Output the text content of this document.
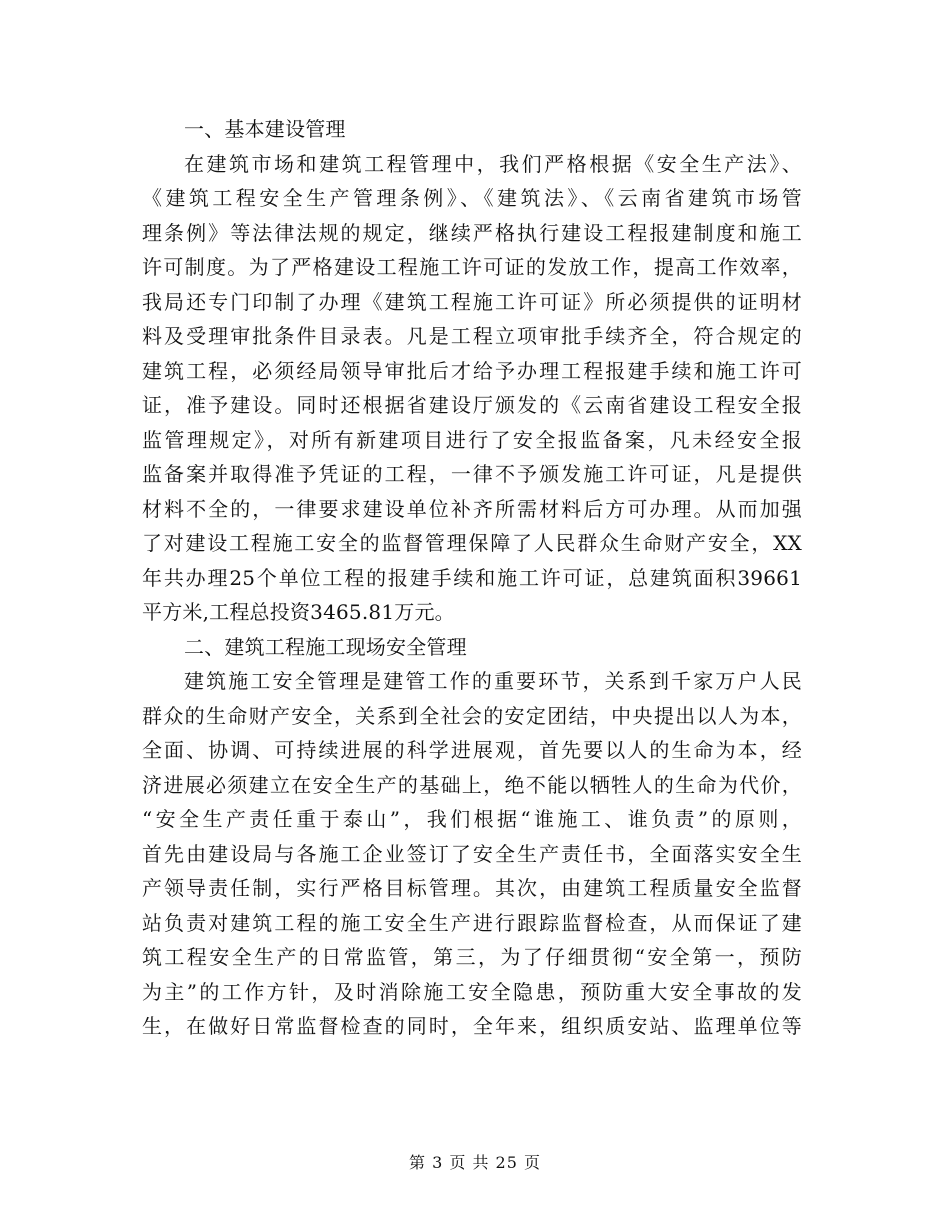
一、基本建设管理
在建筑市场和建筑工程管理中，我们严格根据《安全生产法》、
《建筑工程安全生产管理条例》、《建筑法》、《云南省建筑市场管
理条例》等法律法规的规定，继续严格执行建设工程报建制度和施工
许可制度。为了严格建设工程施工许可证的发放工作，提高工作效率，
我局还专门印制了办理《建筑工程施工许可证》所必须提供的证明材
料及受理审批条件目录表。凡是工程立项审批手续齐全，符合规定的
建筑工程，必须经局领导审批后才给予办理工程报建手续和施工许可
证，准予建设。同时还根据省建设厅颁发的《云南省建设工程安全报
监管理规定》，对所有新建项目进行了安全报监备案，凡未经安全报
监备案并取得准予凭证的工程，一律不予颁发施工许可证，凡是提供
材料不全的，一律要求建设单位补齐所需材料后方可办理。从而加强
了对建设工程施工安全的监督管理保障了人民群众生命财产安全，XX
年共办理25个单位工程的报建手续和施工许可证，总建筑面积39661
平方米,工程总投资3465.81万元。
二、建筑工程施工现场安全管理
建筑施工安全管理是建管工作的重要环节，关系到千家万户人民
群众的生命财产安全，关系到全社会的安定团结，中央提出以人为本，
全面、协调、可持续进展的科学进展观，首先要以人的生命为本，经
济进展必须建立在安全生产的基础上，绝不能以牺牲人的生命为代价，
“安全生产责任重于泰山”，我们根据“谁施工、谁负责”的原则，
首先由建设局与各施工企业签订了安全生产责任书，全面落实安全生
产领导责任制，实行严格目标管理。其次，由建筑工程质量安全监督
站负责对建筑工程的施工安全生产进行跟踪监督检查，从而保证了建
筑工程安全生产的日常监管，第三，为了仔细贯彻“安全第一，预防
为主”的工作方针，及时消除施工安全隐患，预防重大安全事故的发
生，在做好日常监督检查的同时，全年来，组织质安站、监理单位等
第 3 页 共 25 页
